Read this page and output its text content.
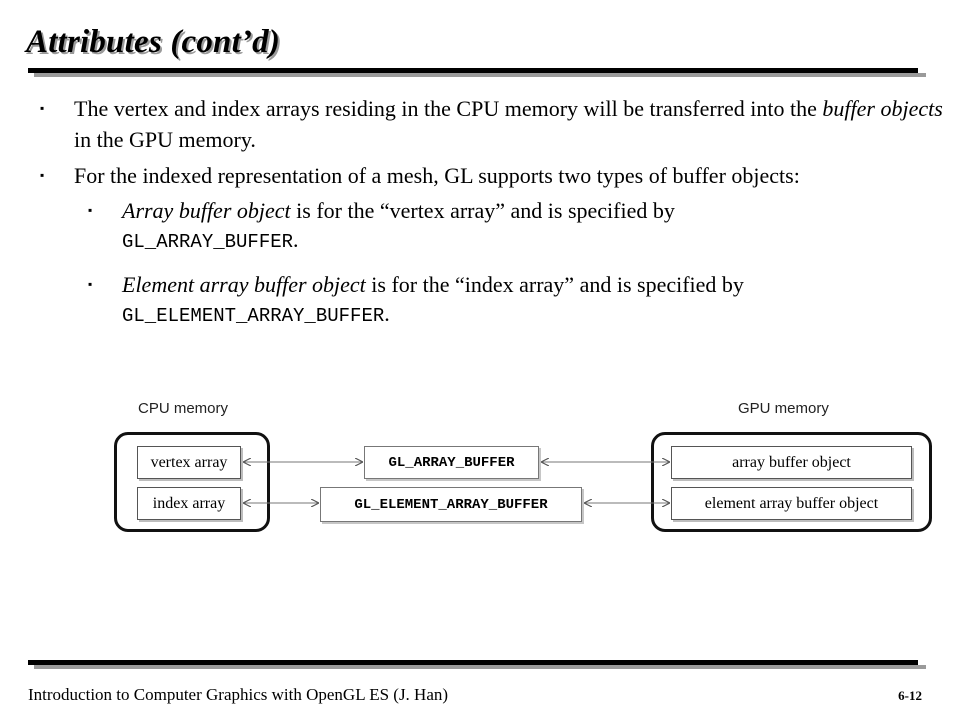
Attributes (cont’d)
▪ The vertex and index arrays residing in the CPU memory will be transferred into the buffer objects in the GPU memory.
▪ For the indexed representation of a mesh, GL supports two types of buffer objects:
▪ Array buffer object is for the “vertex array” and is specified by
GL_ARRAY_BUFFER.
▪ Element array buffer object is for the “index array” and is specified by
GL_ELEMENT_ARRAY_BUFFER.
CPU memory	GPU memory
vertex array
index array
GL_ARRAY_BUFFER
GL_ELEMENT_ARRAY_BUFFER
array buffer object
element array buffer object
Introduction to Computer Graphics with OpenGL ES (J. Han)	6-12
